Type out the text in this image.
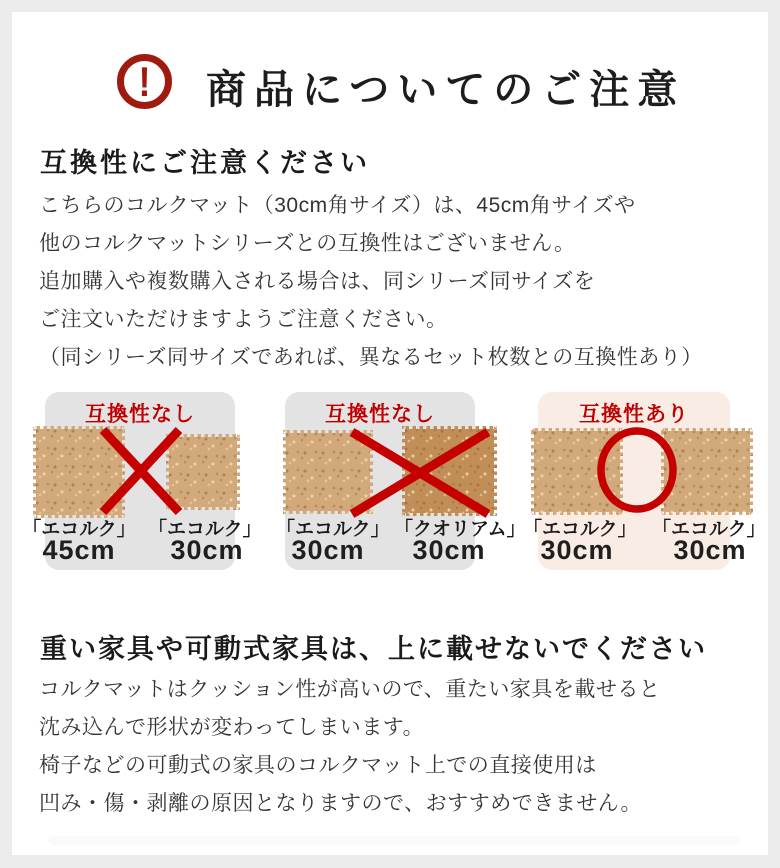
! 商品についてのご注意
互換性にご注意ください
こちらのコルクマット（30cm角サイズ）は、45cm角サイズや
他のコルクマットシリーズとの互換性はございません。
追加購入や複数購入される場合は、同シリーズ同サイズを
ご注文いただけますようご注意ください。
（同シリーズ同サイズであれば、異なるセット枚数との互換性あり）
互換性なし
「エコルク」
45cm
「エコルク」
30cm
互換性なし
「エコルク」
30cm
「クオリアム」
30cm
互換性あり
「エコルク」
30cm
「エコルク」
30cm
重い家具や可動式家具は、上に載せないでください
コルクマットはクッション性が高いので、重たい家具を載せると
沈み込んで形状が変わってしまいます。
椅子などの可動式の家具のコルクマット上での直接使用は
凹み・傷・剥離の原因となりますので、おすすめできません。
